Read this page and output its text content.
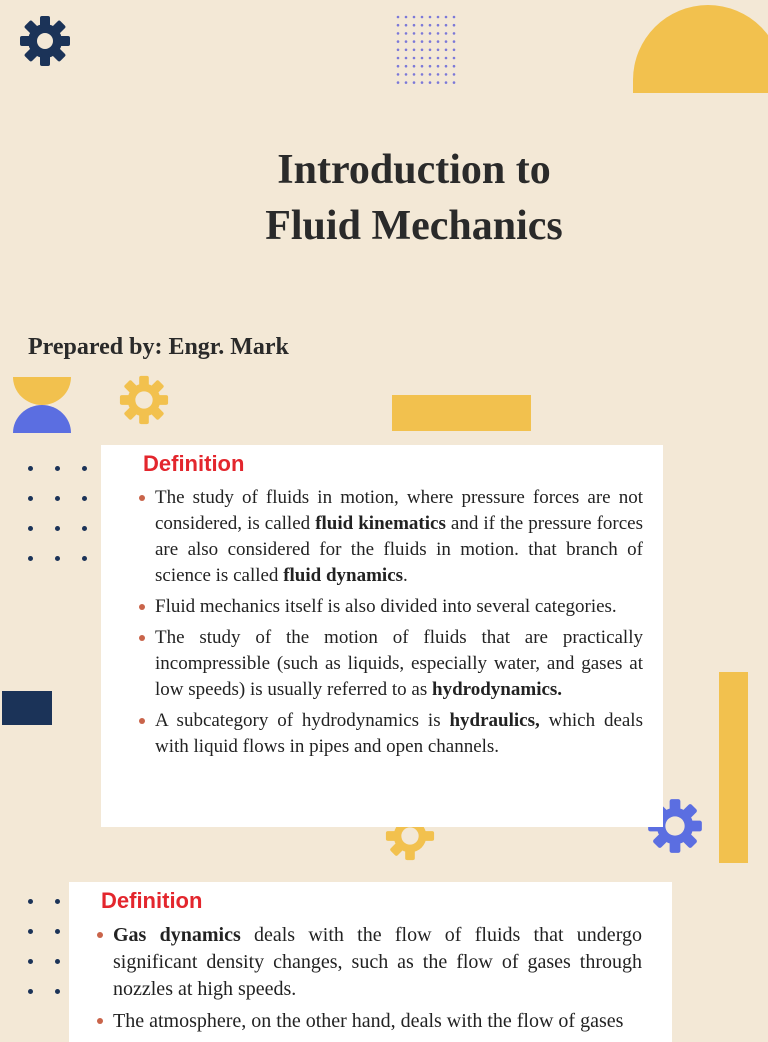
Introduction to
Fluid Mechanics
Prepared by: Engr. Mark
Definition
The study of fluids in motion, where pressure forces are not considered, is called fluid kinematics and if the pressure forces are also considered for the fluids in motion. that branch of science is called fluid dynamics.
Fluid mechanics itself is also divided into several categories.
The study of the motion of fluids that are practically incompressible (such as liquids, especially water, and gases at low speeds) is usually referred to as hydrodynamics.
A subcategory of hydrodynamics is hydraulics, which deals with liquid flows in pipes and open channels.
Definition
Gas dynamics deals with the flow of fluids that undergo significant density changes, such as the flow of gases through nozzles at high speeds.
The atmosphere, on the other hand, deals with the flow of gases
